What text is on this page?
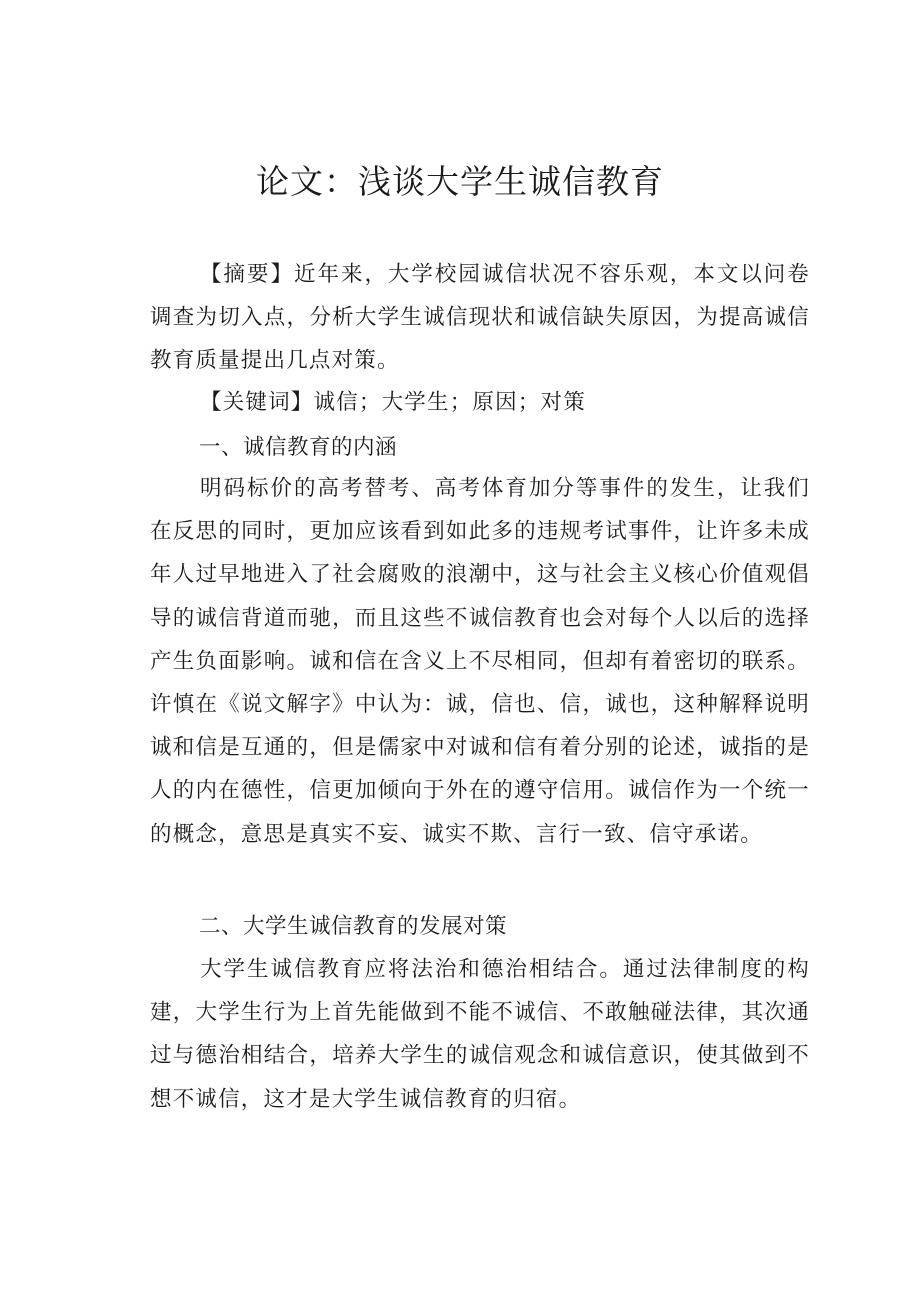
论文：浅谈大学生诚信教育

【摘要】近年来，大学校园诚信状况不容乐观，本文以问卷调查为切入点，分析大学生诚信现状和诚信缺失原因，为提高诚信教育质量提出几点对策。

【关键词】诚信；大学生；原因；对策

一、诚信教育的内涵

明码标价的高考替考、高考体育加分等事件的发生，让我们在反思的同时，更加应该看到如此多的违规考试事件，让许多未成年人过早地进入了社会腐败的浪潮中，这与社会主义核心价值观倡导的诚信背道而驰，而且这些不诚信教育也会对每个人以后的选择产生负面影响。诚和信在含义上不尽相同，但却有着密切的联系。许慎在《说文解字》中认为：诚，信也、信，诚也，这种解释说明诚和信是互通的，但是儒家中对诚和信有着分别的论述，诚指的是人的内在德性，信更加倾向于外在的遵守信用。诚信作为一个统一的概念，意思是真实不妄、诚实不欺、言行一致、信守承诺。

二、大学生诚信教育的发展对策

大学生诚信教育应将法治和德治相结合。通过法律制度的构建，大学生行为上首先能做到不能不诚信、不敢触碰法律，其次通过与德治相结合，培养大学生的诚信观念和诚信意识，使其做到不想不诚信，这才是大学生诚信教育的归宿。
